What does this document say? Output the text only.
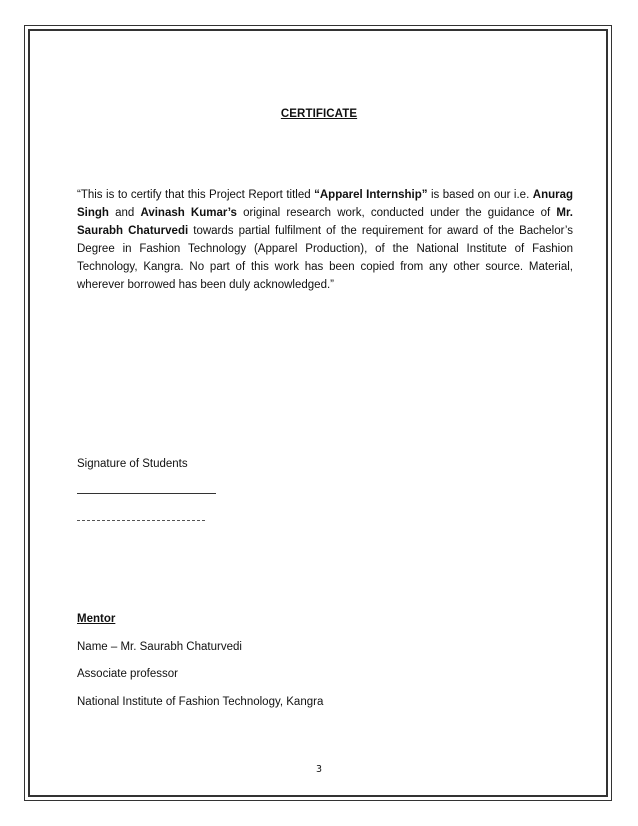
CERTIFICATE
“This is to certify that this Project Report titled “Apparel Internship” is based on our i.e. Anurag Singh and Avinash Kumar’s original research work, conducted under the guidance of Mr. Saurabh Chaturvedi towards partial fulfilment of the requirement for award of the Bachelor’s Degree in Fashion Technology (Apparel Production), of the National Institute of Fashion Technology, Kangra. No part of this work has been copied from any other source. Material, wherever borrowed has been duly acknowledged.”
Signature of Students
Mentor
Name – Mr. Saurabh Chaturvedi
Associate professor
National Institute of Fashion Technology, Kangra
3
